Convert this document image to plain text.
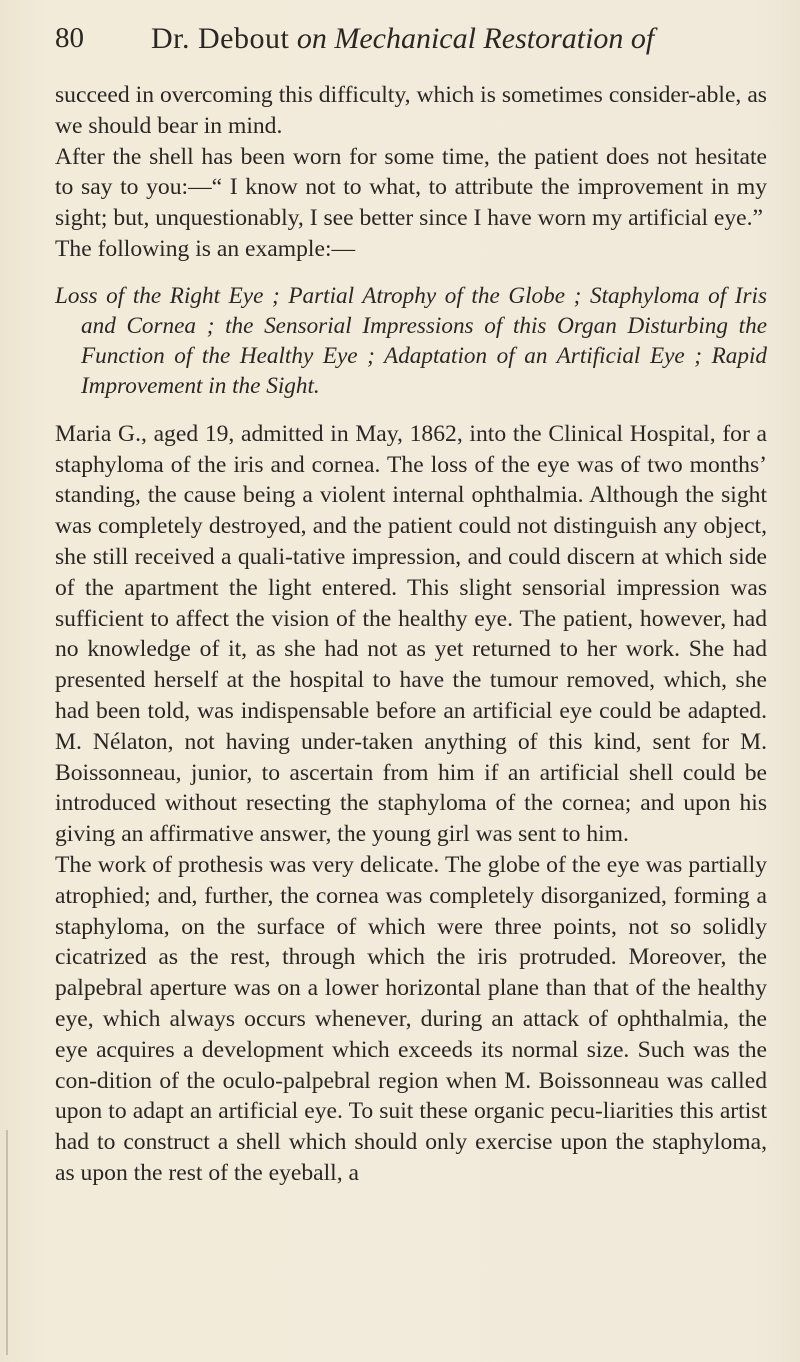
80 Dr. Debout on Mechanical Restoration of

succeed in overcoming this difficulty, which is sometimes consider-able, as we should bear in mind.

After the shell has been worn for some time, the patient does not hesitate to say to you:—“ I know not to what, to attribute the improvement in my sight; but, unquestionably, I see better since I have worn my artificial eye.”

The following is an example:—

Loss of the Right Eye ; Partial Atrophy of the Globe ; Staphyloma of Iris and Cornea ; the Sensorial Impressions of this Organ Disturbing the Function of the Healthy Eye ; Adaptation of an Artificial Eye ; Rapid Improvement in the Sight.

Maria G., aged 19, admitted in May, 1862, into the Clinical Hospital, for a staphyloma of the iris and cornea. The loss of the eye was of two months’ standing, the cause being a violent internal ophthalmia. Although the sight was completely destroyed, and the patient could not distinguish any object, she still received a quali-tative impression, and could discern at which side of the apartment the light entered. This slight sensorial impression was sufficient to affect the vision of the healthy eye. The patient, however, had no knowledge of it, as she had not as yet returned to her work. She had presented herself at the hospital to have the tumour removed, which, she had been told, was indispensable before an artificial eye could be adapted. M. Nélaton, not having under-taken anything of this kind, sent for M. Boissonneau, junior, to ascertain from him if an artificial shell could be introduced without resecting the staphyloma of the cornea; and upon his giving an affirmative answer, the young girl was sent to him.

The work of prothesis was very delicate. The globe of the eye was partially atrophied; and, further, the cornea was completely disorganized, forming a staphyloma, on the surface of which were three points, not so solidly cicatrized as the rest, through which the iris protruded. Moreover, the palpebral aperture was on a lower horizontal plane than that of the healthy eye, which always occurs whenever, during an attack of ophthalmia, the eye acquires a development which exceeds its normal size. Such was the con-dition of the oculo-palpebral region when M. Boissonneau was called upon to adapt an artificial eye. To suit these organic pecu-liarities this artist had to construct a shell which should only exercise upon the staphyloma, as upon the rest of the eyeball, a
